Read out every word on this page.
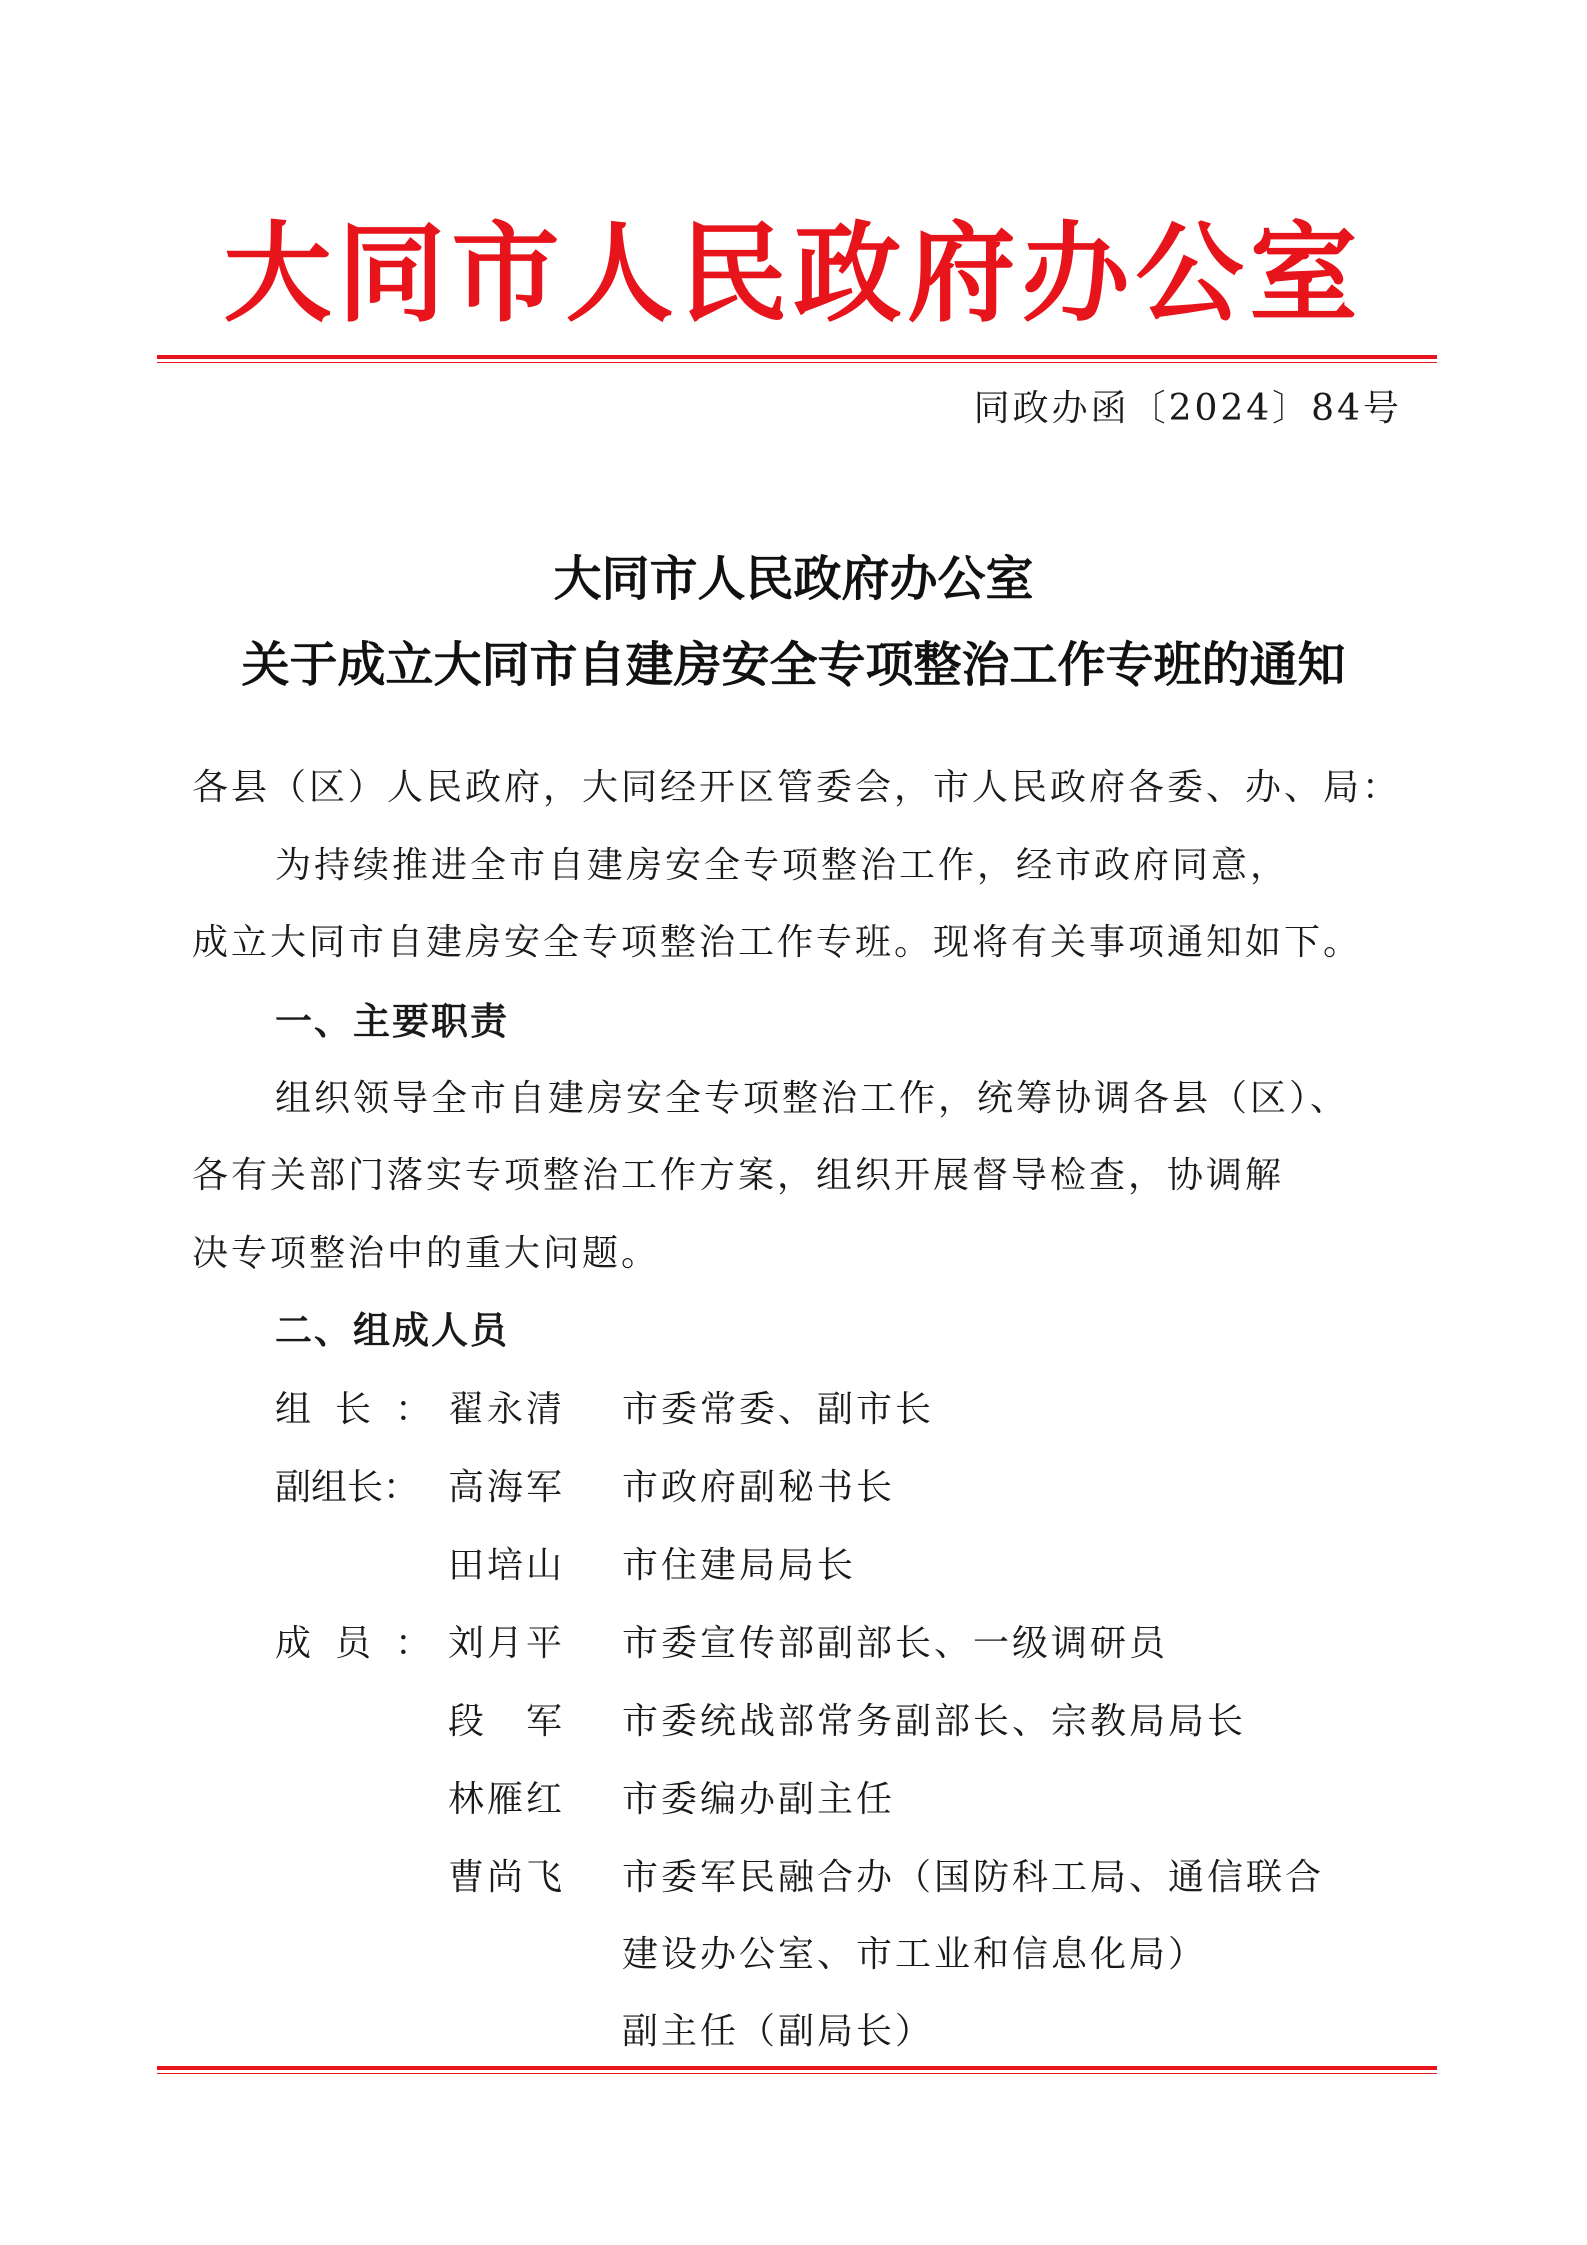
大同市人民政府办公室
同政办函〔2024〕84号
大同市人民政府办公室
关于成立大同市自建房安全专项整治工作专班的通知
各县（区）人民政府，大同经开区管委会，市人民政府各委、办、局：
为持续推进全市自建房安全专项整治工作，经市政府同意，
成立大同市自建房安全专项整治工作专班。现将有关事项通知如下。
一、主要职责
组织领导全市自建房安全专项整治工作，统筹协调各县（区）、
各有关部门落实专项整治工作方案，组织开展督导检查，协调解
决专项整治中的重大问题。
二、组成人员
组长：
翟永清 市委常委、副市长
副组长： 高海军 市政府副秘书长
田培山 市住建局局长
成员：
刘月平 市委宣传部副部长、一级调研员
段　军 市委统战部常务副部长、宗教局局长
林雁红 市委编办副主任
曹尚飞 市委军民融合办（国防科工局、通信联合
建设办公室、市工业和信息化局）
副主任（副局长）
